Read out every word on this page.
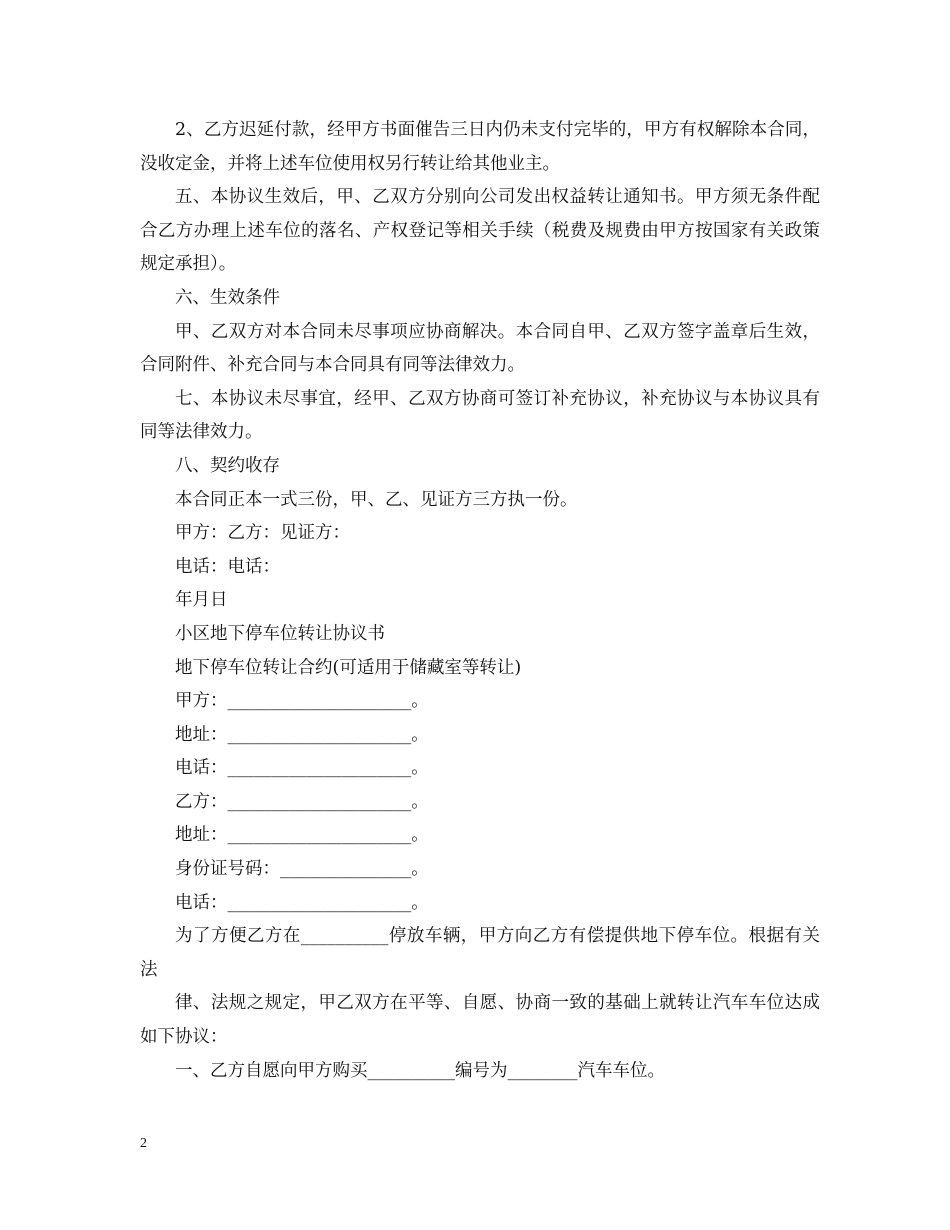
2、乙方迟延付款，经甲方书面催告三日内仍未支付完毕的，甲方有权解除本合同，没收定金，并将上述车位使用权另行转让给其他业主。

五、本协议生效后，甲、乙双方分别向公司发出权益转让通知书。甲方须无条件配合乙方办理上述车位的落名、产权登记等相关手续（税费及规费由甲方按国家有关政策规定承担）。

六、生效条件

甲、乙双方对本合同未尽事项应协商解决。本合同自甲、乙双方签字盖章后生效，合同附件、补充合同与本合同具有同等法律效力。

七、本协议未尽事宜，经甲、乙双方协商可签订补充协议，补充协议与本协议具有同等法律效力。

八、契约收存

本合同正本一式三份，甲、乙、见证方三方执一份。

甲方：乙方：见证方：

电话：电话：

年月日

小区地下停车位转让协议书

地下停车位转让合约(可适用于储藏室等转让)

甲方：_____________________。

地址：_____________________。

电话：_____________________。

乙方：_____________________。

地址：_____________________。

身份证号码：_______________。

电话：_____________________。

为了方便乙方在__________停放车辆，甲方向乙方有偿提供地下停车位。根据有关法

律、法规之规定，甲乙双方在平等、自愿、协商一致的基础上就转让汽车车位达成如下协议：

一、乙方自愿向甲方购买__________编号为________汽车车位。

2
